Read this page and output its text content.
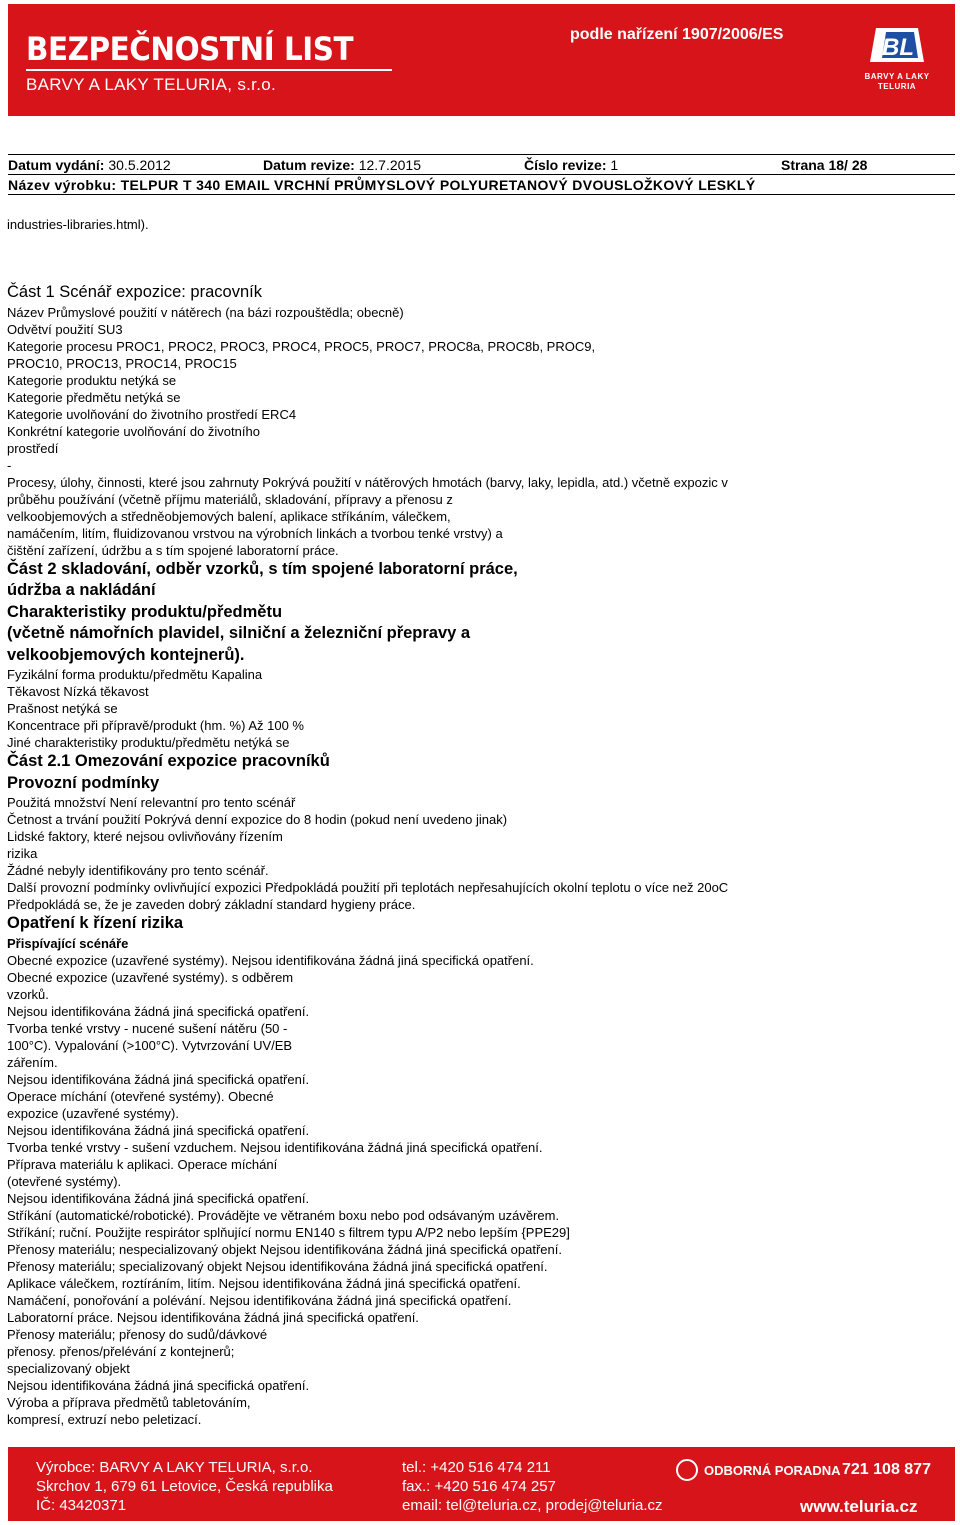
BEZPEČNOSTNÍ LIST
BARVY A LAKY TELURIA, s.r.o.
podle nařízení 1907/2006/ES	BL
BARVY A LAKY
TELURIA
Datum vydání: 30.5.2012	Datum revize: 12.7.2015	Číslo revize: 1	Strana 18/ 28
Název výrobku: TELPUR T 340 EMAIL VRCHNÍ PRŮMYSLOVÝ POLYURETANOVÝ DVOUSLOŽKOVÝ LESKLÝ
industries-libraries.html).
Část 1 Scénář expozice: pracovník
Název Průmyslové použití v nátěrech (na bázi rozpouštědla; obecně)
Odvětví použití SU3
Kategorie procesu PROC1, PROC2, PROC3, PROC4, PROC5, PROC7, PROC8a, PROC8b, PROC9,
PROC10, PROC13, PROC14, PROC15
Kategorie produktu netýká se
Kategorie předmětu netýká se
Kategorie uvolňování do životního prostředí ERC4
Konkrétní kategorie uvolňování do životního
prostředí
-
Procesy, úlohy, činnosti, které jsou zahrnuty Pokrývá použití v nátěrových hmotách (barvy, laky, lepidla, atd.) včetně expozic v
průběhu používání (včetně příjmu materiálů, skladování, přípravy a přenosu z
velkoobjemových a středněobjemových balení, aplikace stříkáním, válečkem,
namáčením, litím, fluidizovanou vrstvou na výrobních linkách a tvorbou tenké vrstvy) a
čištění zařízení, údržbu a s tím spojené laboratorní práce.
Část 2 skladování, odběr vzorků, s tím spojené laboratorní práce,
údržba a nakládání
Charakteristiky produktu/předmětu
(včetně námořních plavidel, silniční a železniční přepravy a
velkoobjemových kontejnerů).
Fyzikální forma produktu/předmětu Kapalina
Těkavost Nízká těkavost
Prašnost netýká se
Koncentrace při přípravě/produkt (hm. %) Až 100 %
Jiné charakteristiky produktu/předmětu netýká se
Část 2.1 Omezování expozice pracovníků
Provozní podmínky
Použitá množství Není relevantní pro tento scénář
Četnost a trvání použití Pokrývá denní expozice do 8 hodin (pokud není uvedeno jinak)
Lidské faktory, které nejsou ovlivňovány řízením
rizika
Žádné nebyly identifikovány pro tento scénář.
Další provozní podmínky ovlivňující expozici Předpokládá použití při teplotách nepřesahujících okolní teplotu o více než 20oC
Předpokládá se, že je zaveden dobrý základní standard hygieny práce.
Opatření k řízení rizika
Přispívající scénáře
Obecné expozice (uzavřené systémy). Nejsou identifikována žádná jiná specifická opatření.
Obecné expozice (uzavřené systémy). s odběrem
vzorků.
Nejsou identifikována žádná jiná specifická opatření.
Tvorba tenké vrstvy - nucené sušení nátěru (50 -
100°C). Vypalování (>100°C). Vytvrzování UV/EB
zářením.
Nejsou identifikována žádná jiná specifická opatření.
Operace míchání (otevřené systémy). Obecné
expozice (uzavřené systémy).
Nejsou identifikována žádná jiná specifická opatření.
Tvorba tenké vrstvy - sušení vzduchem. Nejsou identifikována žádná jiná specifická opatření.
Příprava materiálu k aplikaci. Operace míchání
(otevřené systémy).
Nejsou identifikována žádná jiná specifická opatření.
Stříkání (automatické/robotické). Provádějte ve větraném boxu nebo pod odsávaným uzávěrem.
Stříkání; ruční. Použijte respirátor splňující normu EN140 s filtrem typu A/P2 nebo lepším {PPE29]
Přenosy materiálu; nespecializovaný objekt Nejsou identifikována žádná jiná specifická opatření.
Přenosy materiálu; specializovaný objekt Nejsou identifikována žádná jiná specifická opatření.
Aplikace válečkem, roztíráním, litím. Nejsou identifikována žádná jiná specifická opatření.
Namáčení, ponořování a polévání. Nejsou identifikována žádná jiná specifická opatření.
Laboratorní práce. Nejsou identifikována žádná jiná specifická opatření.
Přenosy materiálu; přenosy do sudů/dávkové
přenosy. přenos/přelévání z kontejnerů;
specializovaný objekt
Nejsou identifikována žádná jiná specifická opatření.
Výroba a příprava předmětů tabletováním,
kompresí, extruzí nebo peletizací.
Výrobce: BARVY A LAKY TELURIA, s.r.o.
Skrchov 1, 679 61 Letovice, Česká republika
IČ: 43420371
tel.: +420 516 474 211
fax.: +420 516 474 257
email: tel@teluria.cz, prodej@teluria.cz
ODBORNÁ PORADNA 721 108 877
www.teluria.cz
